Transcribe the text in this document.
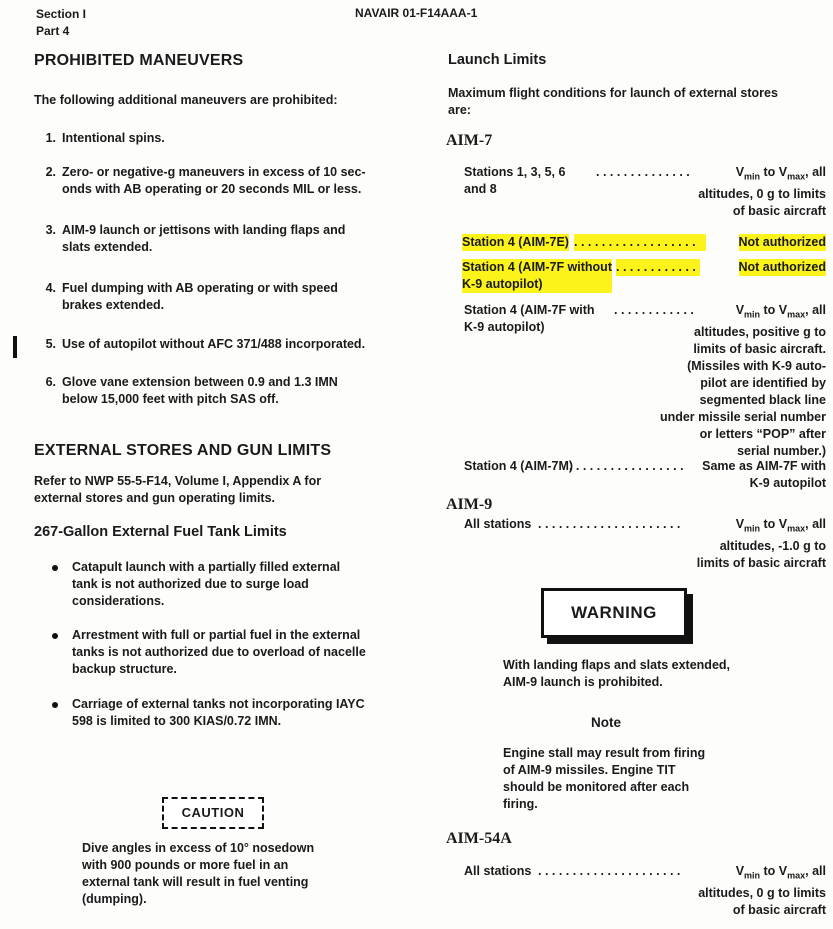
Section I
Part 4
NAVAIR 01-F14AAA-1
PROHIBITED MANEUVERS
The following additional maneuvers are prohibited:
1. Intentional spins.
2. Zero- or negative-g maneuvers in excess of 10 sec-
onds with AB operating or 20 seconds MIL or less.
3. AIM-9 launch or jettisons with landing flaps and
slats extended.
4. Fuel dumping with AB operating or with speed
brakes extended.
5. Use of autopilot without AFC 371/488 incorporated.
6. Glove vane extension between 0.9 and 1.3 IMN
below 15,000 feet with pitch SAS off.
EXTERNAL STORES AND GUN LIMITS
Refer to NWP 55-5-F14, Volume I, Appendix A for
external stores and gun operating limits.
267-Gallon External Fuel Tank Limits
Catapult launch with a partially filled external
tank is not authorized due to surge load
considerations.
Arrestment with full or partial fuel in the external
tanks is not authorized due to overload of nacelle
backup structure.
Carriage of external tanks not incorporating IAYC
598 is limited to 300 KIAS/0.72 IMN.
CAUTION
Dive angles in excess of 10° nosedown
with 900 pounds or more fuel in an
external tank will result in fuel venting
(dumping).
Launch Limits
Maximum flight conditions for launch of external stores
are:
AIM-7
Stations 1, 3, 5, 6
and 8
. . . . . . . . . . . . . .	$V_{min}$ to $V_{max}$, all
altitudes, 0 g to limits
of basic aircraft
Station 4 (AIM-7E) . . . . . . . . . . . . . . . . . .	Not authorized
Station 4 (AIM-7F without
K-9 autopilot)
. . . . . . . . . . . .	Not authorized
Station 4 (AIM-7F with
K-9 autopilot)
. . . . . . . . . . . .	$V_{min}$ to $V_{max}$, all
altitudes, positive g to
limits of basic aircraft.
(Missiles with K-9 auto-
pilot are identified by
segmented black line
under missile serial number
or letters “POP” after
serial number.)
Station 4 (AIM-7M)
. . . . . . . . . . . . . . . . . .	Same as AIM-7F with
K-9 autopilot
AIM-9
All stations . . . . . . . . . . . . . . . . . . . . .	$V_{min}$ to $V_{max}$, all
altitudes, -1.0 g to
limits of basic aircraft
WARNING
With landing flaps and slats extended,
AIM-9 launch is prohibited.
Note
Engine stall may result from firing
of AIM-9 missiles. Engine TIT
should be monitored after each
firing.
AIM-54A
All stations . . . . . . . . . . . . . . . . . . . . .	$V_{min}$ to $V_{max}$, all
altitudes, 0 g to limits
of basic aircraft
